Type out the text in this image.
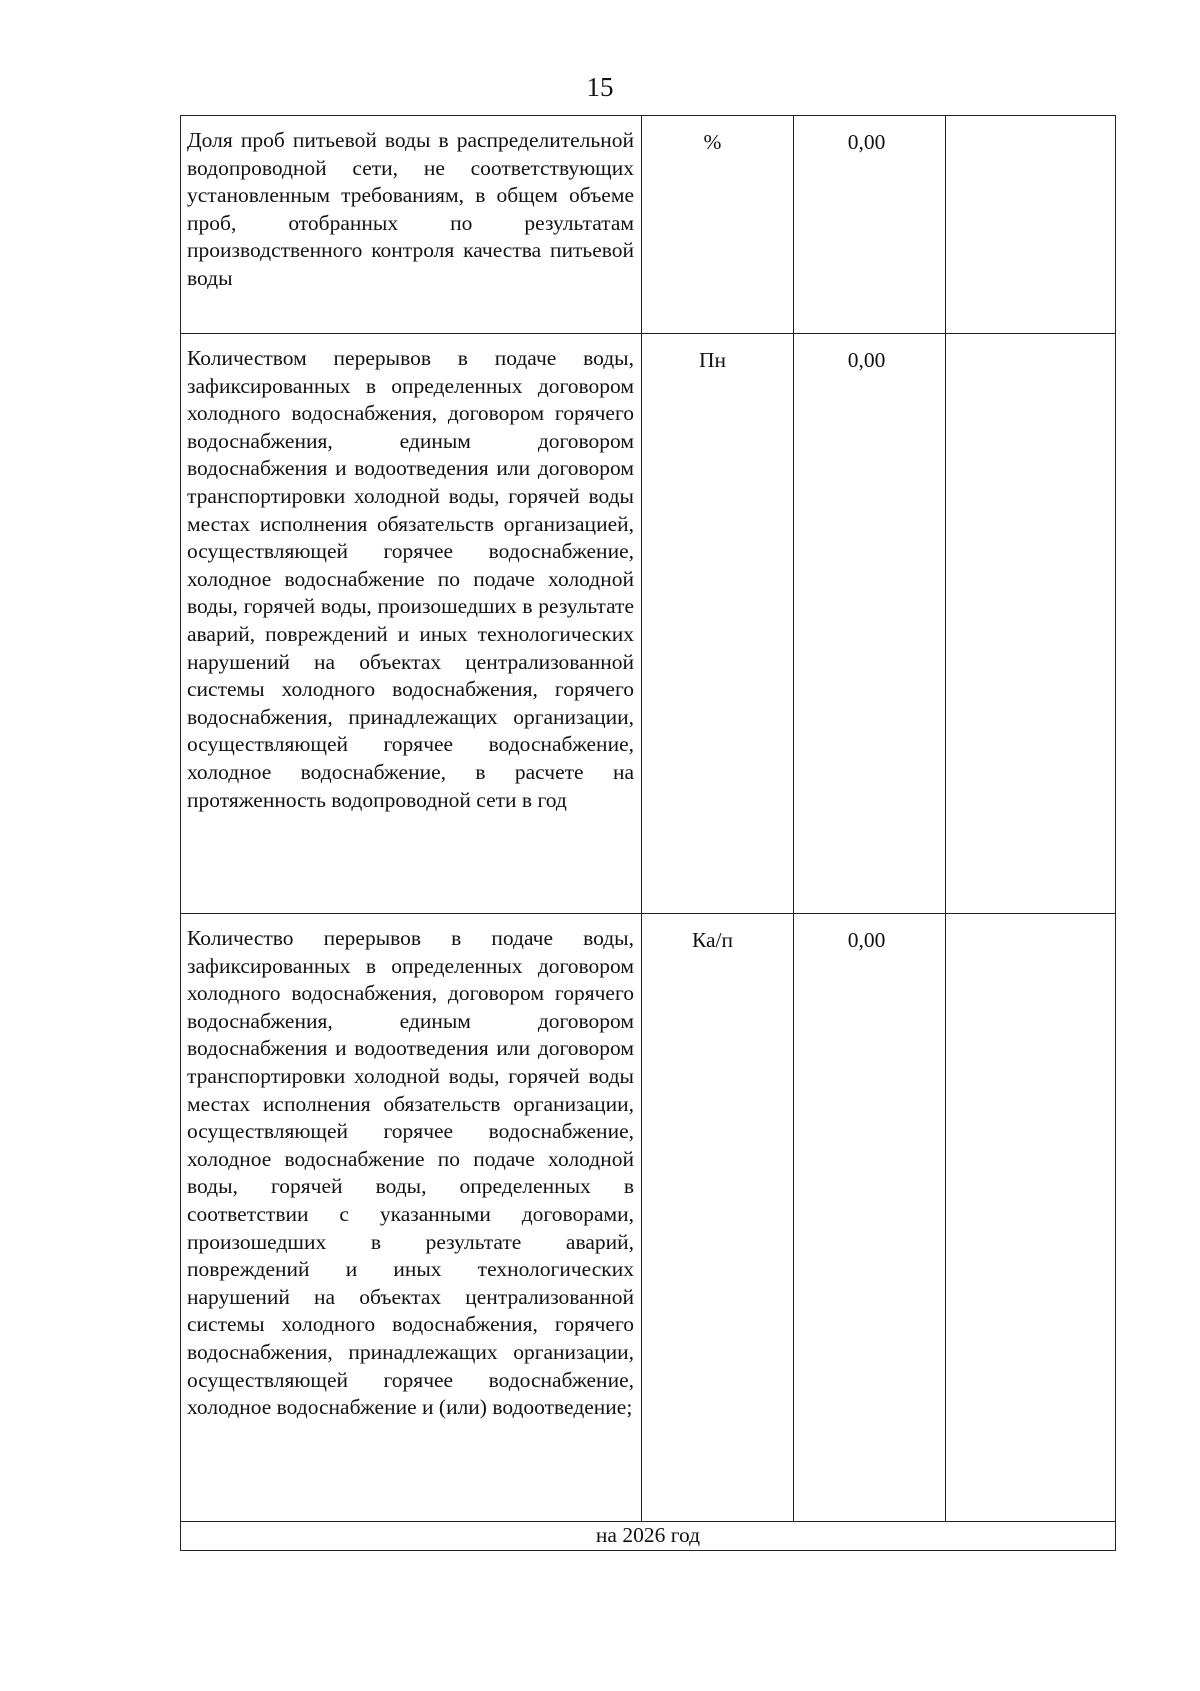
15
Доля проб питьевой воды в распределительной водопроводной сети, не соответствующих установленным требованиям, в общем объеме проб, отобранных по результатам производственного контроля качества питьевой воды	%	0,00	

Количеством перерывов в подаче воды, зафиксированных в определенных договором холодного водоснабжения, договором горячего водоснабжения, единым договором водоснабжения и водоотведения или договором транспортировки холодной воды, горячей воды местах исполнения обязательств организацией, осуществляющей горячее водоснабжение, холодное водоснабжение по подаче холодной воды, горячей воды, произошедших в результате аварий, повреждений и иных технологических нарушений на объектах централизованной системы холодного водоснабжения, горячего водоснабжения, принадлежащих организации, осуществляющей горячее водоснабжение, холодное водоснабжение, в расчете на протяженность водопроводной сети в год	Пн	0,00	

Количество перерывов в подаче воды, зафиксированных в определенных договором холодного водоснабжения, договором горячего водоснабжения, единым договором водоснабжения и водоотведения или договором транспортировки холодной воды, горячей воды местах исполнения обязательств организации, осуществляющей горячее водоснабжение, холодное водоснабжение по подаче холодной воды, горячей воды, определенных в соответствии с указанными договорами, произошедших в результате аварий, повреждений и иных технологических нарушений на объектах централизованной системы холодного водоснабжения, горячего водоснабжения, принадлежащих организации, осуществляющей горячее водоснабжение, холодное водоснабжение и (или) водоотведение;	Ка/п	0,00	

на 2026 год			
